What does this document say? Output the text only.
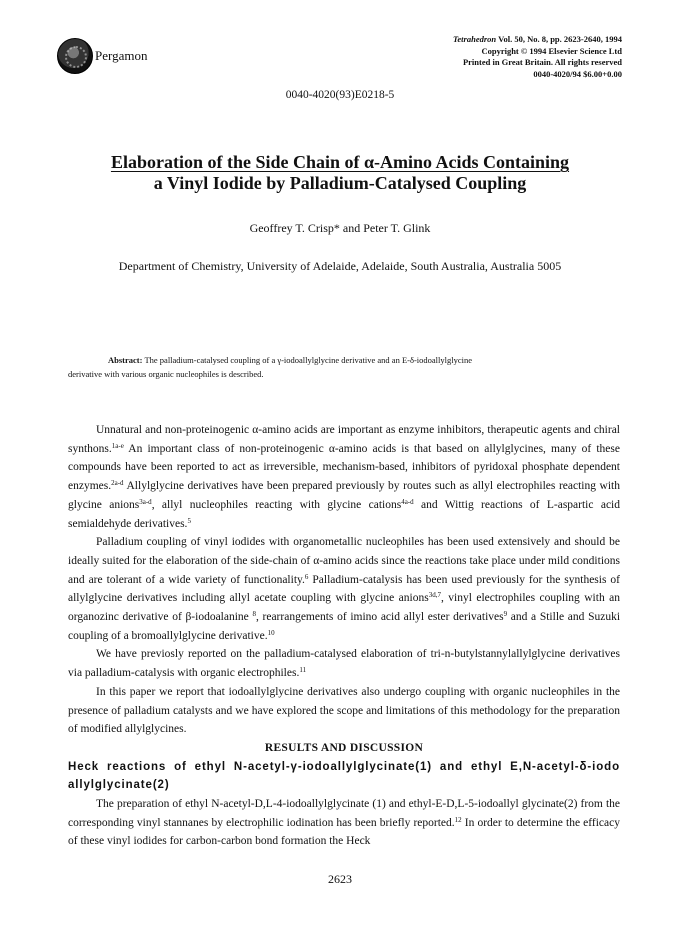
Pergamon
Tetrahedron Vol. 50, No. 8, pp. 2623-2640, 1994
Copyright © 1994 Elsevier Science Ltd
Printed in Great Britain. All rights reserved
0040-4020/94 $6.00+0.00
0040-4020(93)E0218-5
Elaboration of the Side Chain of α-Amino Acids Containing
a Vinyl Iodide by Palladium-Catalysed Coupling
Geoffrey T. Crisp* and Peter T. Glink
Department of Chemistry, University of Adelaide, Adelaide, South Australia, Australia 5005
Abstract: The palladium-catalysed coupling of a γ-iodoallylglycine derivative and an E-δ-iodoallylglycine
derivative with various organic nucleophiles is described.

Unnatural and non-proteinogenic α-amino acids are important as enzyme inhibitors, therapeutic agents and chiral synthons.$^{1a-e}$ An important class of non-proteinogenic α-amino acids is that based on allylglycines, many of these compounds have been reported to act as irreversible, mechanism-based, inhibitors of pyridoxal phosphate dependent enzymes.$^{2a-d}$ Allylglycine derivatives have been prepared previously by routes such as allyl electrophiles reacting with glycine anions$^{3a-d}$, allyl nucleophiles reacting with glycine cations$^{4a-d}$ and Wittig reactions of L-aspartic acid semialdehyde derivatives.$^5$

Palladium coupling of vinyl iodides with organometallic nucleophiles has been used extensively and should be ideally suited for the elaboration of the side-chain of α-amino acids since the reactions take place under mild conditions and are tolerant of a wide variety of functionality.$^6$ Palladium-catalysis has been used previously for the synthesis of allylglycine derivatives including allyl acetate coupling with glycine anions$^{3d,7}$, vinyl electrophiles coupling with an organozinc derivative of β-iodoalanine $^8$, rearrangements of imino acid allyl ester derivatives$^9$ and a Stille and Suzuki coupling of a bromoallylglycine derivative.$^{10}$

We have previosly reported on the palladium-catalysed elaboration of tri-n-butylstannylallylglycine derivatives via palladium-catalysis with organic electrophiles.$^{11}$

In this paper we report that iodoallylglycine derivatives also undergo coupling with organic nucleophiles in the presence of palladium catalysts and we have explored the scope and limitations of this methodology for the preparation of modified allylglycines.

RESULTS AND DISCUSSION

Heck reactions of ethyl N-acetyl-γ-iodoallylglycinate(1) and ethyl E,N-acetyl-δ-iodo allylglycinate(2)

The preparation of ethyl N-acetyl-D,L-4-iodoallylglycinate (1) and ethyl-E-D,L-5-iodoallyl glycinate(2) from the corresponding vinyl stannanes by electrophilic iodination has been briefly reported.$^{12}$ In order to determine the efficacy of these vinyl iodides for carbon-carbon bond formation the Heck

2623
